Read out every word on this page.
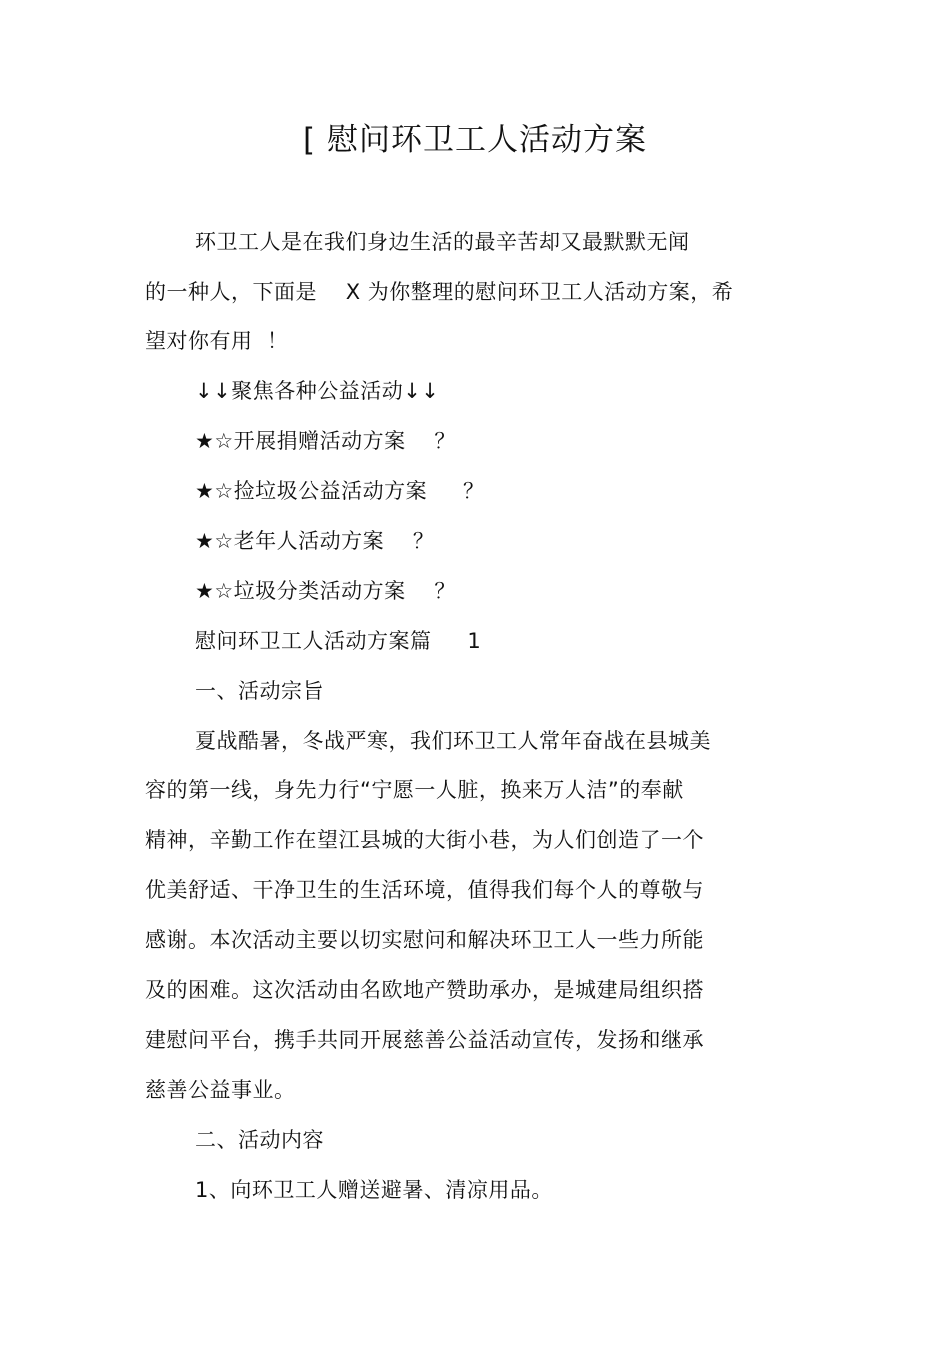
[ 慰问环卫工人活动方案
环卫工人是在我们身边生活的最辛苦却又最默默无闻
的一种人，下面是    X 为你整理的慰问环卫工人活动方案，希
望对你有用  ！
↓↓聚焦各种公益活动↓↓
★☆开展捐赠活动方案    ？
★☆捡垃圾公益活动方案     ？
★☆老年人活动方案    ？
★☆垃圾分类活动方案    ？
慰问环卫工人活动方案篇     1
一、活动宗旨
夏战酷暑，冬战严寒，我们环卫工人常年奋战在县城美
容的第一线，身先力行“宁愿一人脏，换来万人洁”的奉献
精神，辛勤工作在望江县城的大街小巷，为人们创造了一个
优美舒适、干净卫生的生活环境，值得我们每个人的尊敬与
感谢。本次活动主要以切实慰问和解决环卫工人一些力所能
及的困难。这次活动由名欧地产赞助承办，是城建局组织搭
建慰问平台，携手共同开展慈善公益活动宣传，发扬和继承
慈善公益事业。
二、活动内容
1、向环卫工人赠送避暑、清凉用品。
